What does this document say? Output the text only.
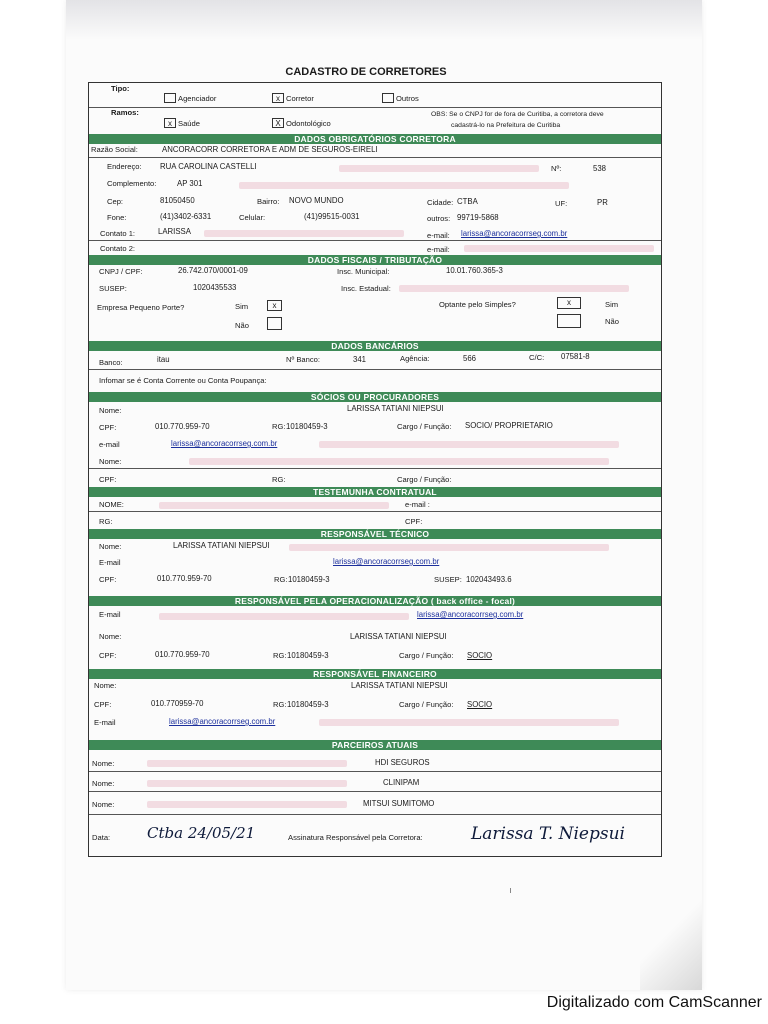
CADASTRO DE CORRETORES
Tipo:
Agenciador	x Corretor	Outros
Ramos:
x Saúde	X Odontológico
OBS: Se o CNPJ for de fora de Curitiba, a corretora deve
cadastrá-lo na Prefeitura de Curitiba
DADOS OBRIGATÓRIOS CORRETORA
Razão Social:	ANCORACORR CORRETORA E ADM DE SEGUROS-EIRELI
Endereço: RUA CAROLINA CASTELLI	Nº:	538
Complemento:	AP 301
Cep:	81050450	Bairro: NOVO MUNDO	Cidade: CTBA	UF:	PR
Fone:	(41)3402-6331	Celular:	(41)99515-0031	outros: 99719-5868
Contato 1:	LARISSA	e-mail: larissa@ancoracorrseg.com.br
Contato 2:	e-mail:
DADOS FISCAIS / TRIBUTAÇÃO
CNPJ / CPF:	26.742.070/0001-09	Insc. Municipal:	10.01.760.365-3
SUSEP:	1020435533	Insc. Estadual:
Empresa Pequeno Porte?	Sim	x
Não
Optante pelo Simples?	x	Sim
Não
DADOS BANCÁRIOS
Banco:	itau	Nº Banco:	341	Agência:	566	C/C: 07581-8
Infomar se é Conta Corrente ou Conta Poupança:
SÓCIOS OU PROCURADORES
Nome:	LARISSA TATIANI NIEPSUI
CPF:	010.770.959-70	RG: 10180459-3	Cargo / Função: SOCIO/ PROPRIETARIO
e-mail	larissa@ancoracorrseg.com.br
Nome:
CPF:	RG:	Cargo / Função:
TESTEMUNHA CONTRATUAL
NOME:	e-mail :
RG:	CPF:
RESPONSÁVEL TÉCNICO
Nome:	LARISSA TATIANI NIEPSUI
E-mail	larissa@ancoracorrseg.com.br
CPF:	010.770.959-70	RG: 10180459-3	SUSEP: 102043493.6
RESPONSÁVEL PELA OPERACIONALIZAÇÃO ( back office - focal)
E-mail	larissa@ancoracorrseg.com.br
Nome:	LARISSA TATIANI NIEPSUI
CPF:	010.770.959-70	RG: 10180459-3	Cargo / Função: SOCIO
RESPONSÁVEL FINANCEIRO
Nome:	LARISSA TATIANI NIEPSUI
CPF:	010.770959-70	RG: 10180459-3	Cargo / Função: SOCIO
E-mail	larissa@ancoracorrseg.com.br
PARCEIROS ATUAIS
Nome:	HDI SEGUROS
Nome:	CLINIPAM
Nome:	MITSUI SUMITOMO
Data: Ctba 24/05/21	Assinatura Responsável pela Corretora:	Larissa T. Niepsui
Digitalizado com CamScanner
